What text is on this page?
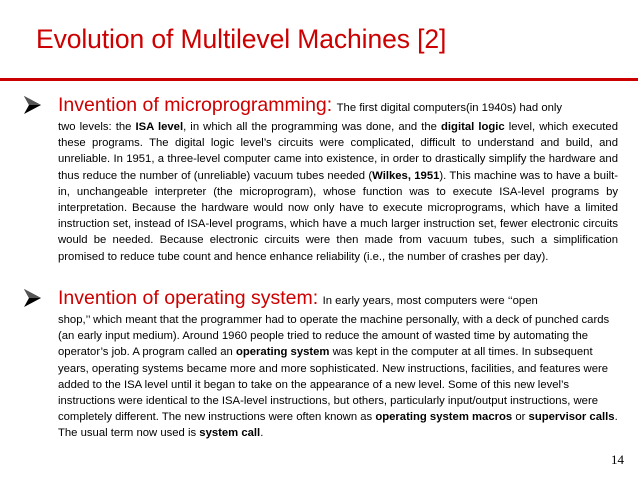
Evolution of Multilevel Machines [2]
Invention of microprogramming: The first digital computers(in 1940s) had only
two levels: the ISA level, in which all the programming was done, and the digital logic level, which executed these programs. The digital logic level’s circuits were complicated, difficult to understand and build, and unreliable. In 1951, a three-level computer came into existence, in order to drastically simplify the hardware and thus reduce the number of (unreliable) vacuum tubes needed (Wilkes, 1951). This machine was to have a built-in, unchangeable interpreter (the microprogram), whose function was to execute ISA-level programs by interpretation. Because the hardware would now only have to execute microprograms, which have a limited instruction set, instead of ISA-level programs, which have a much larger instruction set, fewer electronic circuits would be needed. Because electronic circuits were then made from vacuum tubes, such a simplification promised to reduce tube count and hence enhance reliability (i.e., the number of crashes per day).
Invention of operating system: In early years, most computers were ‘‘open
shop,’’ which meant that the programmer had to operate the machine personally, with a deck of punched cards (an early input medium). Around 1960 people tried to reduce the amount of wasted time by automating the operator’s job. A program called an operating system was kept in the computer at all times. In subsequent years, operating systems became more and more sophisticated. New instructions, facilities, and features were added to the ISA level until it began to take on the appearance of a new level. Some of this new level’s instructions were identical to the ISA-level instructions, but others, particularly input/output instructions, were completely different. The new instructions were often known as operating system macros or supervisor calls. The usual term now used is system call.
14
